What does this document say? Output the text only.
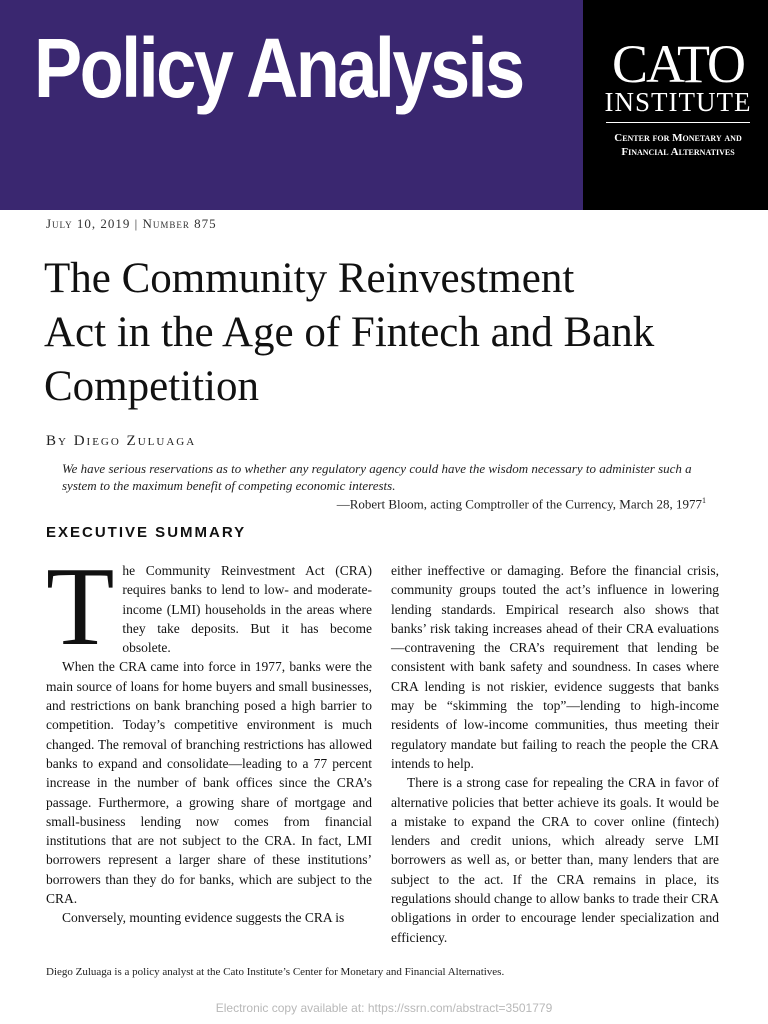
Policy Analysis CATO
INSTITUTE
Center for Monetary and
Financial Alternatives
July 10, 2019 | Number 875
The Community Reinvestment
Act in the Age of Fintech and Bank
Competition
By Diego Zuluaga
We have serious reservations as to whether any regulatory agency could have the wisdom necessary to administer such a system to the maximum benefit of competing economic interests.
—Robert Bloom, acting Comptroller of the Currency, March 28, 1977$^1$
EXECUTIVE SUMMARY

The Community Reinvestment Act (CRA) requires banks to lend to low- and moderate-income (LMI) households in the areas where they take deposits. But it has become obsolete.

When the CRA came into force in 1977, banks were the main source of loans for home buyers and small businesses, and restrictions on bank branching posed a high barrier to competition. Today’s competitive environment is much changed. The removal of branching restrictions has allowed banks to expand and consolidate—leading to a 77 percent increase in the number of bank offices since the CRA’s passage. Furthermore, a growing share of mortgage and small-business lending now comes from financial institutions that are not subject to the CRA. In fact, LMI borrowers represent a larger share of these institutions’ borrowers than they do for banks, which are subject to the CRA.

Conversely, mounting evidence suggests the CRA is

either ineffective or damaging. Before the financial crisis, community groups touted the act’s influence in lowering lending standards. Empirical research also shows that banks’ risk taking increases ahead of their CRA evaluations—contravening the CRA’s requirement that lending be consistent with bank safety and soundness. In cases where CRA lending is not riskier, evidence suggests that banks may be “skimming the top”—lending to high-income residents of low-income communities, thus meeting their regulatory mandate but failing to reach the people the CRA intends to help.

There is a strong case for repealing the CRA in favor of alternative policies that better achieve its goals. It would be a mistake to expand the CRA to cover online (fintech) lenders and credit unions, which already serve LMI borrowers as well as, or better than, many lenders that are subject to the act. If the CRA remains in place, its regulations should change to allow banks to trade their CRA obligations in order to encourage lender specialization and efficiency.

Diego Zuluaga is a policy analyst at the Cato Institute’s Center for Monetary and Financial Alternatives.
Electronic copy available at: https://ssrn.com/abstract=3501779
